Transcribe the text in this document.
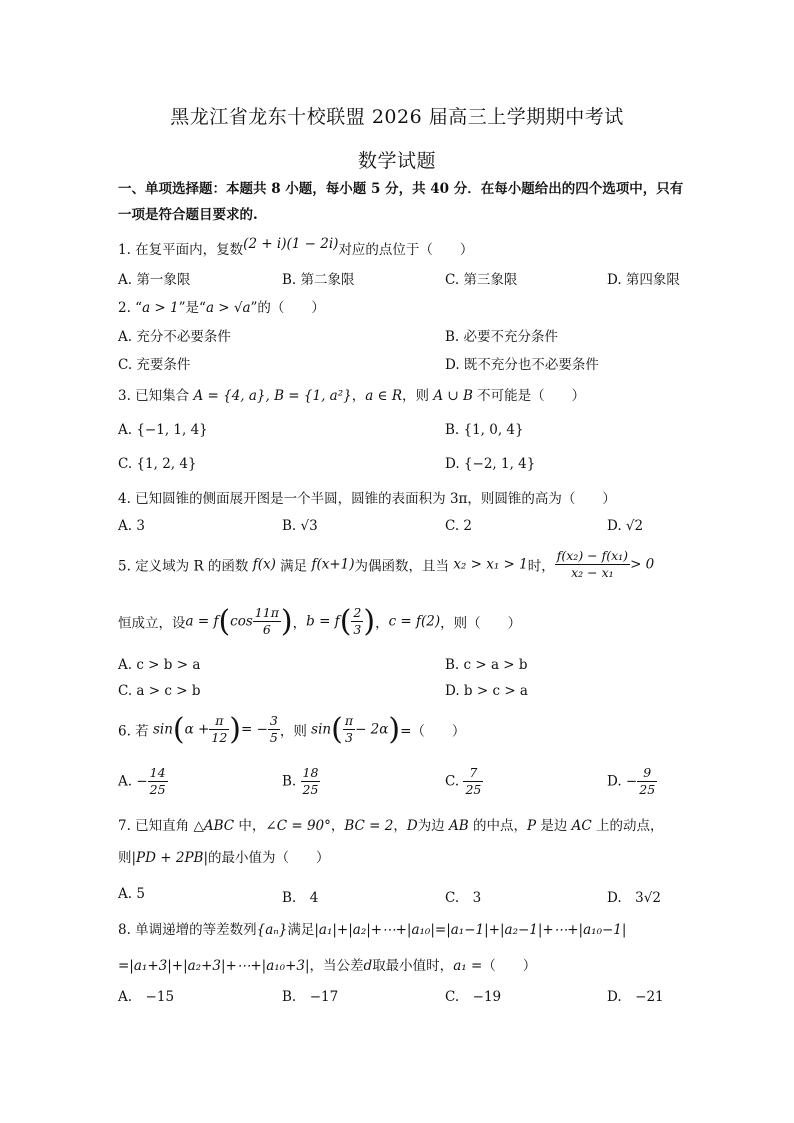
黑龙江省龙东十校联盟 2026 届高三上学期期中考试
数学试题
一、单项选择题：本题共 8 小题，每小题 5 分，共 40 分．在每小题给出的四个选项中，只有一项是符合题目要求的.
1. 在复平面内，复数(2 + i)(1 − 2i)对应的点位于（　　）
A. 第一象限	B. 第二象限	C. 第三象限	D. 第四象限
2. “a > 1”是“a > √a”的（　　）
A. 充分不必要条件	B. 必要不充分条件
C. 充要条件	D. 既不充分也不必要条件
3. 已知集合 A = {4, a}, B = {1, a²}，a ∈ R，则 A ∪ B 不可能是（　　）
A. {−1, 1, 4}	B. {1, 0, 4}
C. {1, 2, 4}	D. {−2, 1, 4}
4. 已知圆锥的侧面展开图是一个半圆，圆锥的表面积为 3π，则圆锥的高为（　　）
A. 3	B. √3	C. 2	D. √2
5. 定义域为 R 的函数 f(x) 满足 f(x+1)为偶函数，且当 x₂ > x₁ > 1时， $\frac{\text{f(x₂) − f(x₁)}}{\text{x₂ − x₁}} > 0$
恒成立，设$a = f(\cos \frac{11\pi}{6}$ )，$b = f( \frac{2}{3}$ )，c = f(2)，则（　　）
A. c > b > a	B. c > a > b
C. a > c > b	D. b > c > a
6. 若 $\sin(\alpha + \frac{\pi}{12}$ )= − $\frac{3}{5}$ ，则 $\sin( \frac{\pi}{3} - 2\alpha)=$（　　）
A. − $\frac{14}{25}$	B. $\frac{18}{25}$	C. $\frac{7}{25}$	D. − $\frac{9}{25}$
7. 已知直角 △ABC 中，∠C = 90°，BC = 2，D为边 AB 的中点，P 是边 AC 上的动点，
则|PD + 2PB|的最小值为（　　）
A. 5	B.　4	C.　3	D.　3√2
8. 单调递增的等差数列{aₙ}满足|a₁|+|a₂|+⋯+|a₁₀|=|a₁−1|+|a₂−1|+⋯+|a₁₀−1|
=|a₁+3|+|a₂+3|+⋯+|a₁₀+3|，当公差d取最小值时，a₁ =（　　）
A.　−15	B.　−17	C.　−19	D.　−21
